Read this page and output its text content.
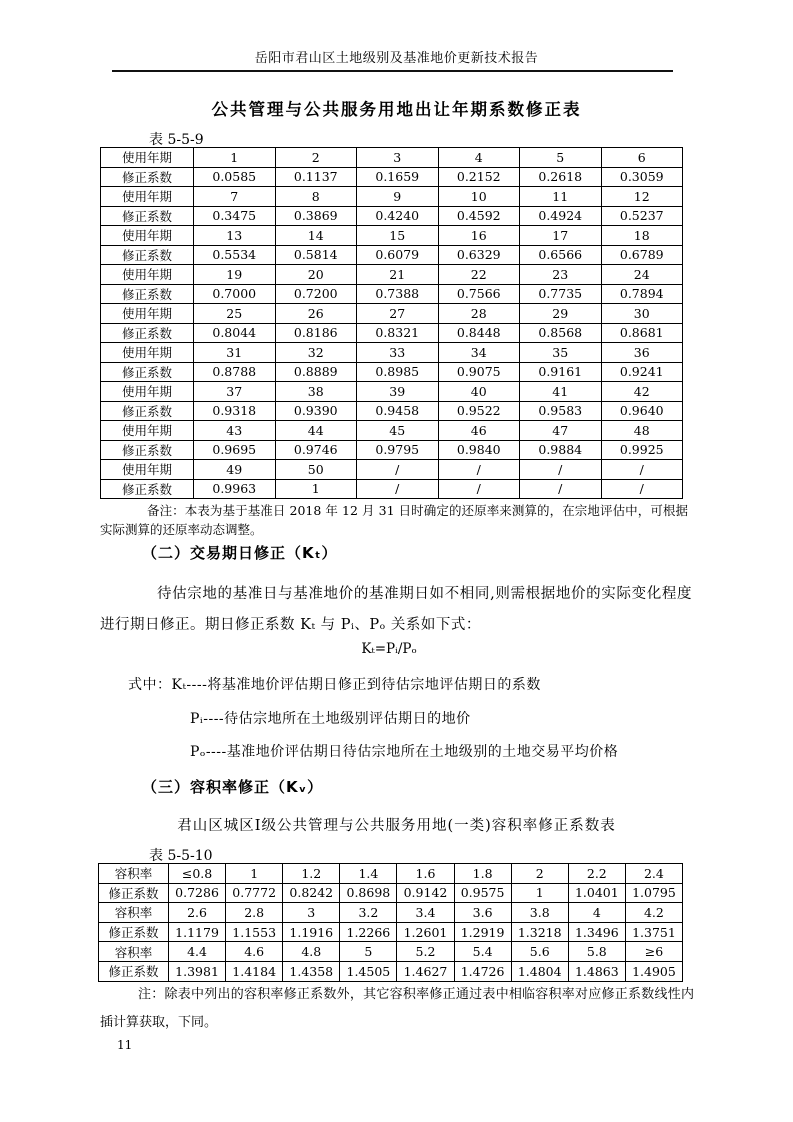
岳阳市君山区土地级别及基准地价更新技术报告
公共管理与公共服务用地出让年期系数修正表
表 5-5-9
使用年期	1	2	3	4	5	6
修正系数	0.0585	0.1137	0.1659	0.2152	0.2618	0.3059
使用年期	7	8	9	10	11	12
修正系数	0.3475	0.3869	0.4240	0.4592	0.4924	0.5237
使用年期	13	14	15	16	17	18
修正系数	0.5534	0.5814	0.6079	0.6329	0.6566	0.6789
使用年期	19	20	21	22	23	24
修正系数	0.7000	0.7200	0.7388	0.7566	0.7735	0.7894
使用年期	25	26	27	28	29	30
修正系数	0.8044	0.8186	0.8321	0.8448	0.8568	0.8681
使用年期	31	32	33	34	35	36
修正系数	0.8788	0.8889	0.8985	0.9075	0.9161	0.9241
使用年期	37	38	39	40	41	42
修正系数	0.9318	0.9390	0.9458	0.9522	0.9583	0.9640
使用年期	43	44	45	46	47	48
修正系数	0.9695	0.9746	0.9795	0.9840	0.9884	0.9925
使用年期	49	50	/	/	/	/
修正系数	0.9963	1	/	/	/	/
备注：本表为基于基准日 2018 年 12 月 31 日时确定的还原率来测算的，在宗地评估中，可根据实际测算的还原率动态调整。
（二）交易期日修正（Kₜ）
待估宗地的基准日与基准地价的基准期日如不相同,则需根据地价的实际变化程度进行期日修正。期日修正系数 Kₜ 与 Pᵢ、Pₒ 关系如下式：
Kₜ=Pᵢ/Pₒ
式中：Kₜ----将基准地价评估期日修正到待估宗地评估期日的系数
Pᵢ----待估宗地所在土地级别评估期日的地价
Pₒ----基准地价评估期日待估宗地所在土地级别的土地交易平均价格
（三）容积率修正（Kᵥ）
君山区城区Ⅰ级公共管理与公共服务用地(一类)容积率修正系数表
表 5-5-10
容积率	≤0.8	1	1.2	1.4	1.6	1.8	2	2.2	2.4
修正系数	0.7286	0.7772	0.8242	0.8698	0.9142	0.9575	1	1.0401	1.0795
容积率	2.6	2.8	3	3.2	3.4	3.6	3.8	4	4.2
修正系数	1.1179	1.1553	1.1916	1.2266	1.2601	1.2919	1.3218	1.3496	1.3751
容积率	4.4	4.6	4.8	5	5.2	5.4	5.6	5.8	≥6
修正系数	1.3981	1.4184	1.4358	1.4505	1.4627	1.4726	1.4804	1.4863	1.4905
注：除表中列出的容积率修正系数外，其它容积率修正通过表中相临容积率对应修正系数线性内插计算获取，下同。
11
